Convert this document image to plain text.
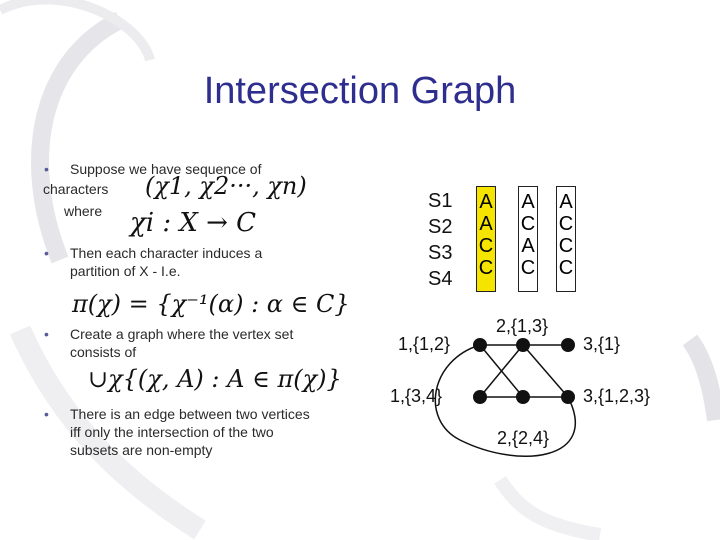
Intersection Graph
• Suppose we have sequence of
characters
where
(χ1, χ2···, χn)
χi : X → C
• Then each character induces a
partition of X - I.e.
π(χ) = {χ⁻¹(α) : α ∈ C}
• Create a graph where the vertex set
consists of
∪χ{(χ, A) : A ∈ π(χ)}
• There is an edge between two vertices
iff only the intersection of the two
subsets are non-empty
S1
S2
S3
S4
A
A
C
C
A
C
A
C
A
C
C
C
2,{1,3}
1,{1,2}	3,{1}
1,{3,4}	3,{1,2,3}
2,{2,4}
